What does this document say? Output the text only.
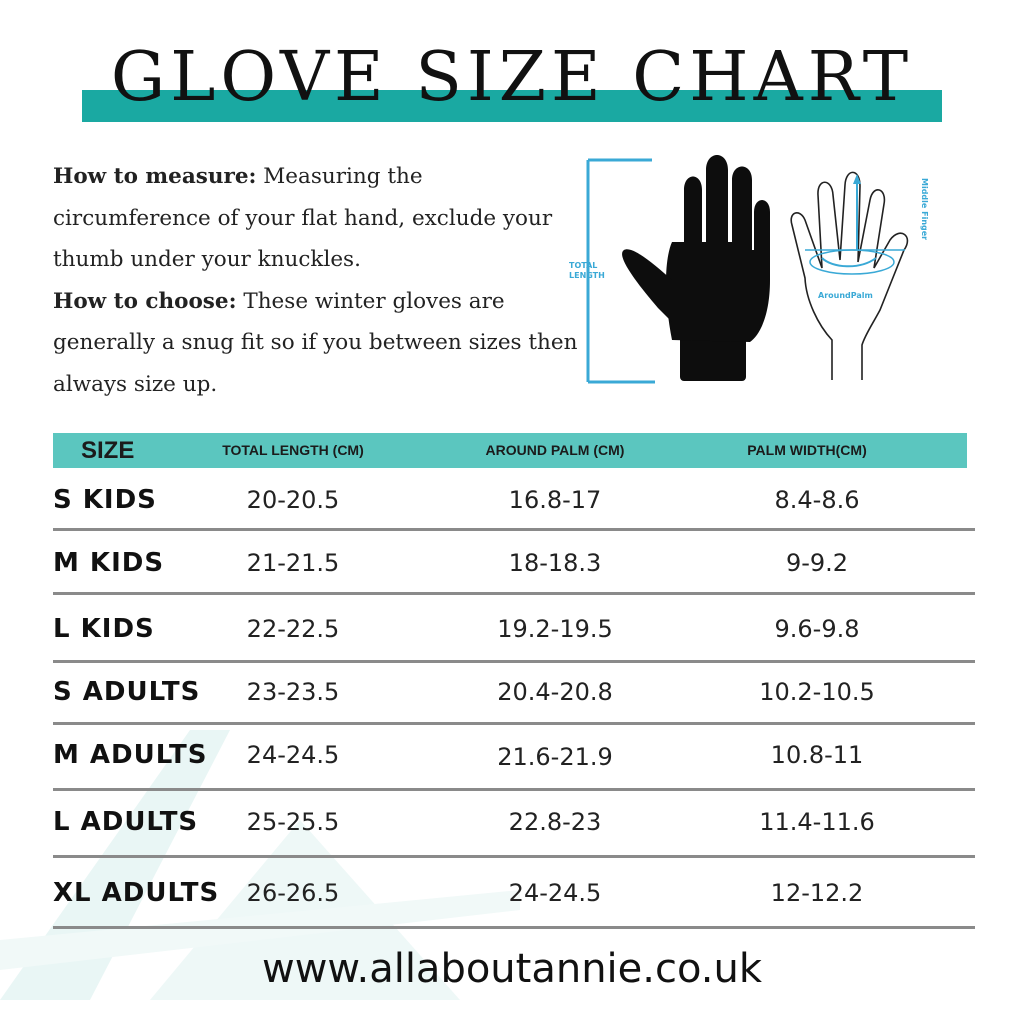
GLOVE SIZE CHART
How to measure: Measuring the circumference of your flat hand, exclude your thumb under your knuckles.
How to choose: These winter gloves are generally a snug fit so if you between sizes then always size up.
TOTAL
LENGTH
Middle Finger
AroundPalm
SIZE	TOTAL LENGTH (CM)	AROUND PALM (CM)	PALM WIDTH(CM)
S KIDS	20-20.5	16.8-17	8.4-8.6
M KIDS	21-21.5	18-18.3	9-9.2
L KIDS	22-22.5	19.2-19.5	9.6-9.8
S ADULTS	23-23.5	20.4-20.8	10.2-10.5
M ADULTS	24-24.5	21.6-21.9	10.8-11
L ADULTS	25-25.5	22.8-23	11.4-11.6
XL ADULTS	26-26.5	24-24.5	12-12.2
www.allaboutannie.co.uk
